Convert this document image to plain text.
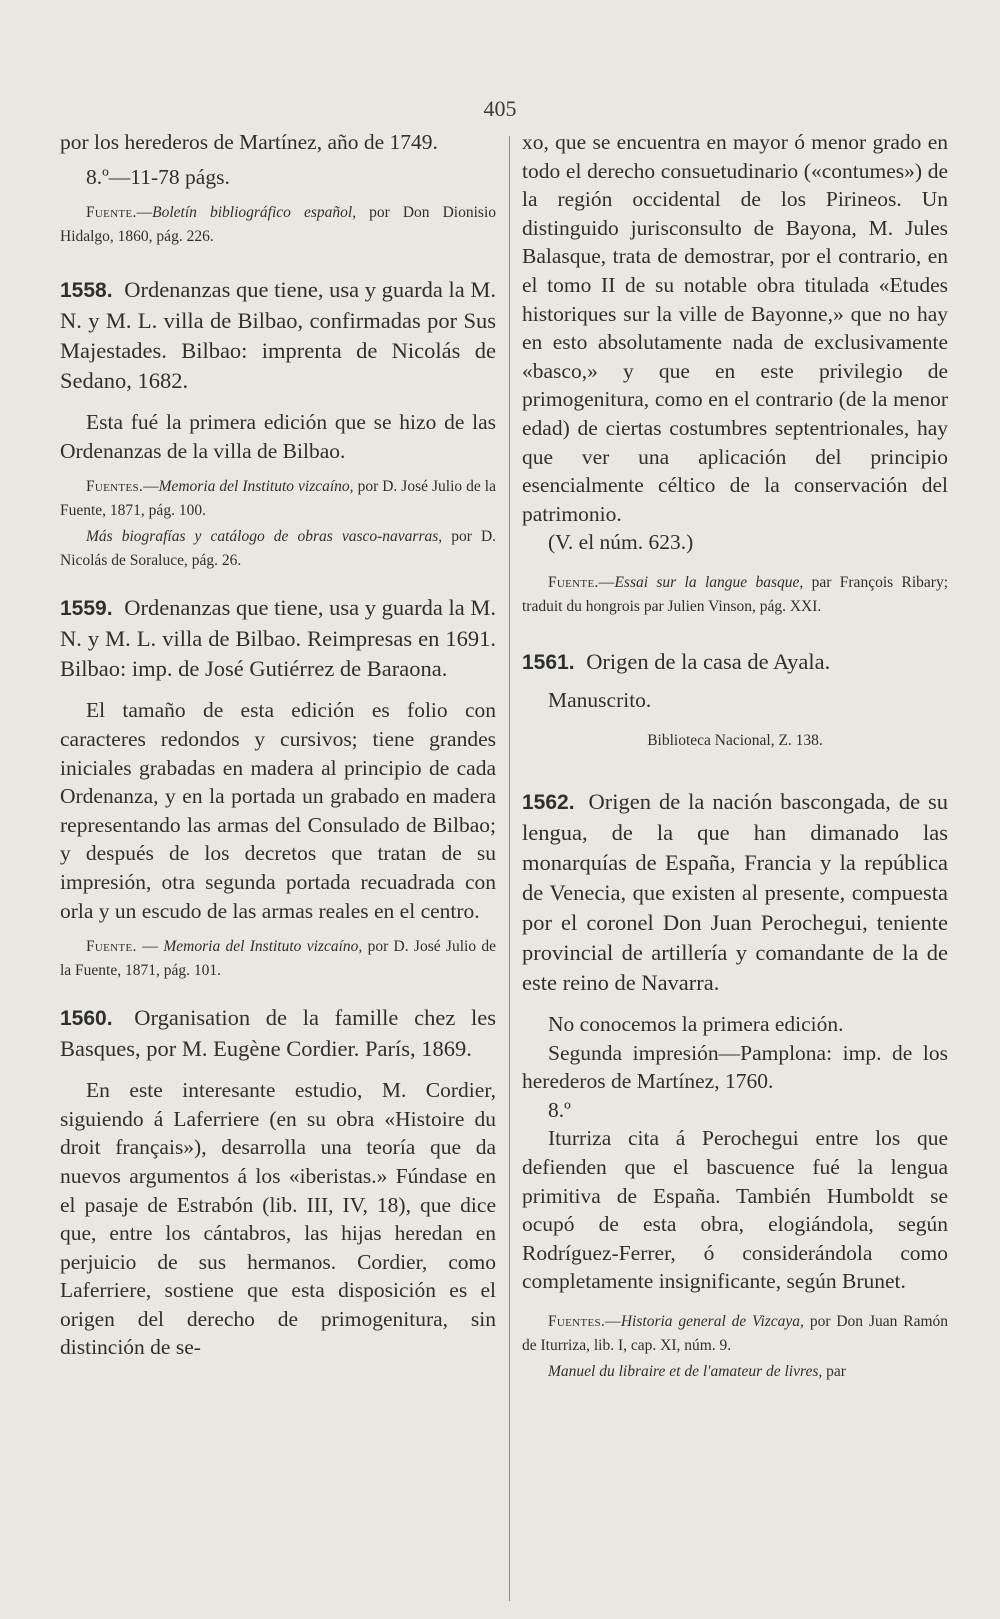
405

por los herederos de Martínez, año de 1749.

8.º—11-78 págs.

Fuente.—Boletín bibliográfico español, por Don Dionisio Hidalgo, 1860, pág. 226.

1558. Ordenanzas que tiene, usa y guarda la M. N. y M. L. villa de Bilbao, confirmadas por Sus Majestades. Bilbao: imprenta de Nicolás de Sedano, 1682.

Esta fué la primera edición que se hizo de las Ordenanzas de la villa de Bilbao.

Fuentes.—Memoria del Instituto vizcaíno, por D. José Julio de la Fuente, 1871, pág. 100.

Más biografías y catálogo de obras vasco-navarras, por D. Nicolás de Soraluce, pág. 26.

1559. Ordenanzas que tiene, usa y guarda la M. N. y M. L. villa de Bilbao. Reimpresas en 1691. Bilbao: imp. de José Gutiérrez de Baraona.

El tamaño de esta edición es folio con caracteres redondos y cursivos; tiene grandes iniciales grabadas en madera al principio de cada Ordenanza, y en la portada un grabado en madera representando las armas del Consulado de Bilbao; y después de los decretos que tratan de su impresión, otra segunda portada recuadrada con orla y un escudo de las armas reales en el centro.

Fuente. — Memoria del Instituto vizcaíno, por D. José Julio de la Fuente, 1871, pág. 101.

1560. Organisation de la famille chez les Basques, por M. Eugène Cordier. París, 1869.

En este interesante estudio, M. Cordier, siguiendo á Laferriere (en su obra «Histoire du droit français»), desarrolla una teoría que da nuevos argumentos á los «iberistas.» Fúndase en el pasaje de Estrabón (lib. III, IV, 18), que dice que, entre los cántabros, las hijas heredan en perjuicio de sus hermanos. Cordier, como Laferriere, sostiene que esta disposición es el origen del derecho de primogenitura, sin distinción de se-

xo, que se encuentra en mayor ó menor grado en todo el derecho consuetudinario («contumes») de la región occidental de los Pirineos. Un distinguido jurisconsulto de Bayona, M. Jules Balasque, trata de demostrar, por el contrario, en el tomo II de su notable obra titulada «Etudes historiques sur la ville de Bayonne,» que no hay en esto absolutamente nada de exclusivamente «basco,» y que en este privilegio de primogenitura, como en el contrario (de la menor edad) de ciertas costumbres septentrionales, hay que ver una aplicación del principio esencialmente céltico de la conservación del patrimonio.

(V. el núm. 623.)

Fuente.—Essai sur la langue basque, par François Ribary; traduit du hongrois par Julien Vinson, pág. XXI.

1561. Origen de la casa de Ayala.

Manuscrito.

Biblioteca Nacional, Z. 138.

1562. Origen de la nación bascongada, de su lengua, de la que han dimanado las monarquías de España, Francia y la república de Venecia, que existen al presente, compuesta por el coronel Don Juan Perochegui, teniente provincial de artillería y comandante de la de este reino de Navarra.

No conocemos la primera edición.

Segunda impresión—Pamplona: imp. de los herederos de Martínez, 1760.

8.º

Iturriza cita á Perochegui entre los que defienden que el bascuence fué la lengua primitiva de España. También Humboldt se ocupó de esta obra, elogiándola, según Rodríguez-Ferrer, ó considerándola como completamente insignificante, según Brunet.

Fuentes.—Historia general de Vizcaya, por Don Juan Ramón de Iturriza, lib. I, cap. XI, núm. 9.

Manuel du libraire et de l'amateur de livres, par
